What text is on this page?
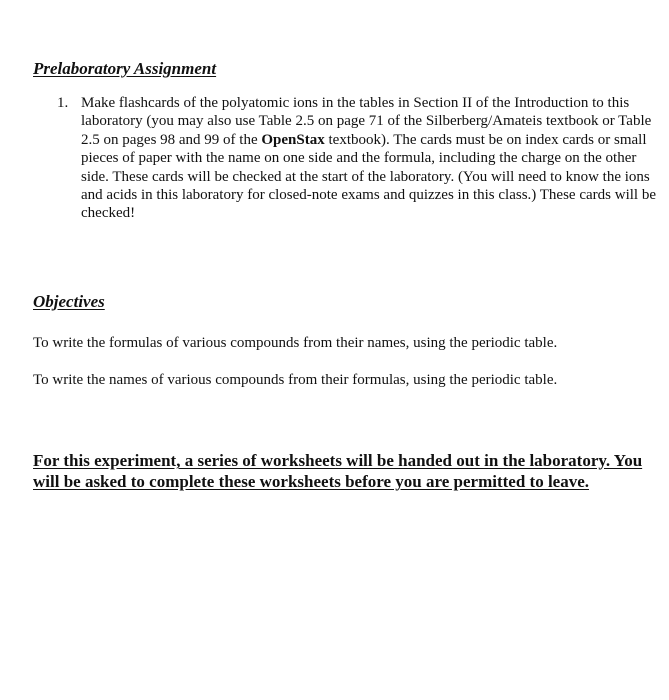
Prelaboratory Assignment
1. Make flashcards of the polyatomic ions in the tables in Section II of the Introduction to this laboratory (you may also use Table 2.5 on page 71 of the Silberberg/Amateis textbook or Table 2.5 on pages 98 and 99 of the OpenStax textbook). The cards must be on index cards or small pieces of paper with the name on one side and the formula, including the charge on the other side. These cards will be checked at the start of the laboratory. (You will need to know the ions and acids in this laboratory for closed-note exams and quizzes in this class.) These cards will be checked!
Objectives

To write the formulas of various compounds from their names, using the periodic table.

To write the names of various compounds from their formulas, using the periodic table.

For this experiment, a series of worksheets will be handed out in the laboratory. You will be asked to complete these worksheets before you are permitted to leave.
